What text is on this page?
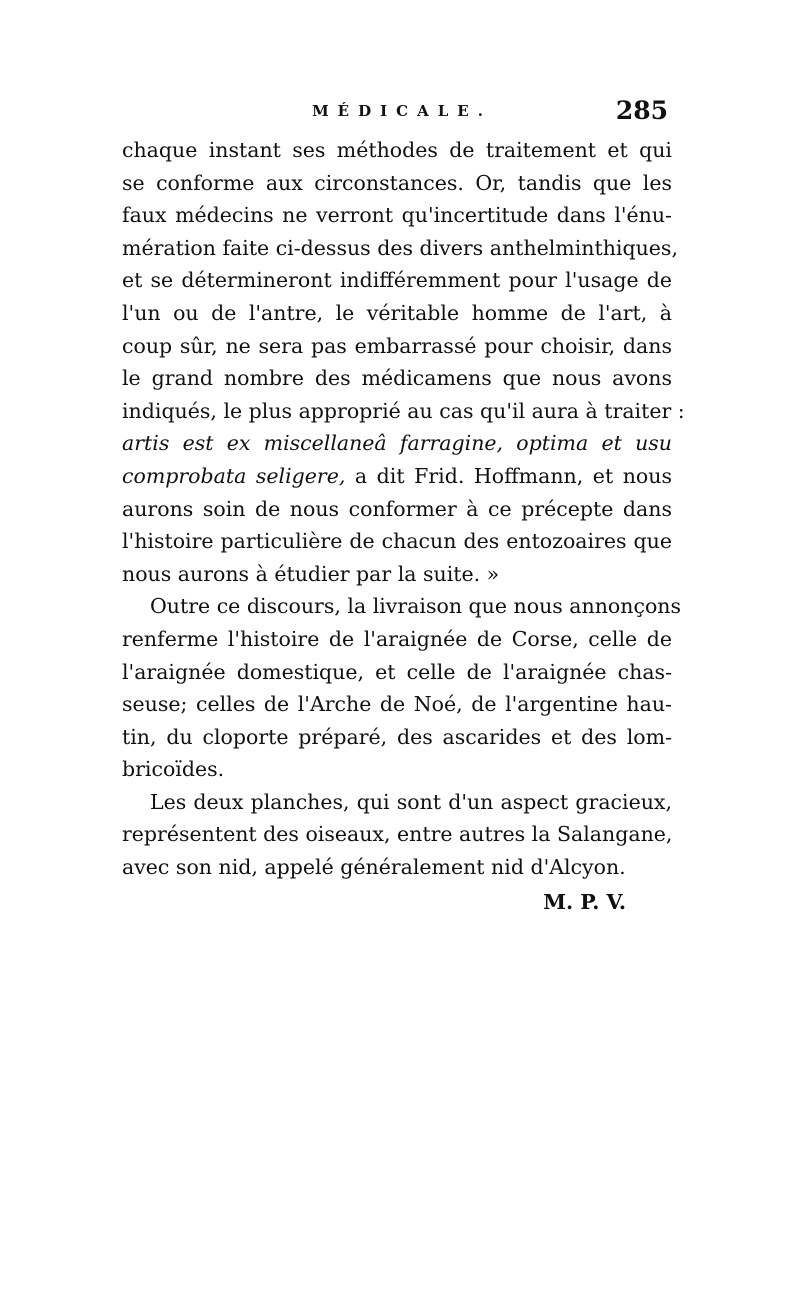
MÉDICALE.	285
chaque instant ses méthodes de traitement et qui
se conforme aux circonstances. Or, tandis que les
faux médecins ne verront qu'incertitude dans l'énu-
mération faite ci-dessus des divers anthelminthiques,
et se détermineront indifféremment pour l'usage de
l'un ou de l'antre, le véritable homme de l'art, à
coup sûr, ne sera pas embarrassé pour choisir, dans
le grand nombre des médicamens que nous avons
indiqués, le plus approprié au cas qu'il aura à traiter :
artis est ex miscellaneâ farragine, optima et usu
comprobata seligere, a dit Frid. Hoffmann, et nous
aurons soin de nous conformer à ce précepte dans
l'histoire particulière de chacun des entozoaires que
nous aurons à étudier par la suite. »
Outre ce discours, la livraison que nous annonçons
renferme l'histoire de l'araignée de Corse, celle de
l'araignée domestique, et celle de l'araignée chas-
seuse; celles de l'Arche de Noé, de l'argentine hau-
tin, du cloporte préparé, des ascarides et des lom-
bricoïdes.
Les deux planches, qui sont d'un aspect gracieux,
représentent des oiseaux, entre autres la Salangane,
avec son nid, appelé généralement nid d'Alcyon.
M. P. V.
